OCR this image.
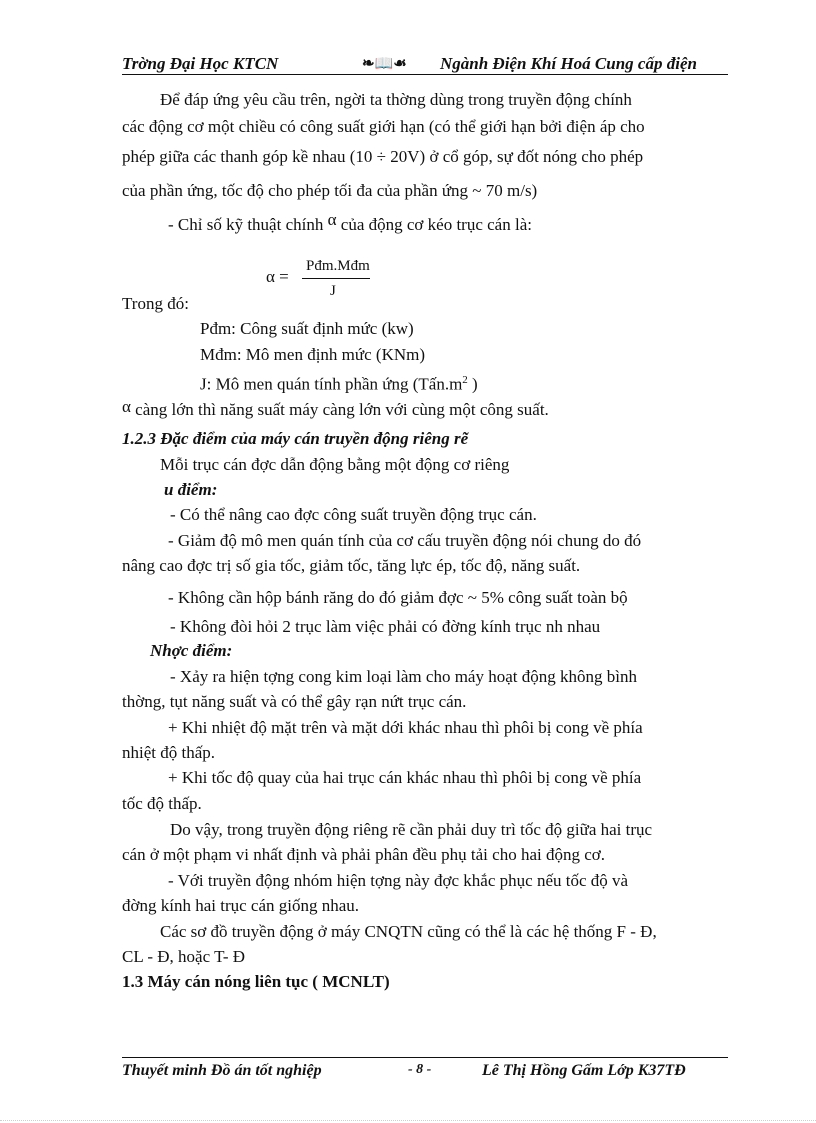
Trờng Đại Học KTCN	❧📖☙ Ngành Điện Khí Hoá Cung cấp điện
Để đáp ứng yêu cầu trên, ngời ta thờng dùng trong truyền động chính
các động cơ một chiều có công suất giới hạn (có thể giới hạn bởi điện áp cho
phép giữa các thanh góp kề nhau (10 ÷ 20V) ở cổ góp, sự đốt nóng cho phép
của phần ứng, tốc độ cho phép tối đa của phần ứng ~ 70 m/s)
- Chỉ số kỹ thuật chính α của động cơ kéo trục cán là:
α =
Pđm.Mđm
J
Trong đó:
Pđm: Công suất định mức (kw)
Mđm: Mô men định mức (KNm)
J: Mô men quán tính phần ứng ($Tấn.m^2$ )
α càng lớn thì năng suất máy càng lớn với cùng một công suất.
1.2.3 Đặc điểm của máy cán truyền động riêng rẽ
Mỗi trục cán đợc dẫn động bằng một động cơ riêng
u điểm:
- Có thể nâng cao đợc công suất truyền động trục cán.
- Giảm độ mô men quán tính của cơ cấu truyền động nói chung do đó
nâng cao đợc trị số gia tốc, giảm tốc, tăng lực ép, tốc độ, năng suất.
- Không cần hộp bánh răng do đó giảm đợc ~ 5% công suất toàn bộ
- Không đòi hỏi 2 trục làm việc phải có đờng kính trục nh nhau
Nhợc điểm:
- Xảy ra hiện tợng cong kim loại làm cho máy hoạt động không bình
thờng, tụt năng suất và có thể gây rạn nứt trục cán.
+ Khi nhiệt độ mặt trên và mặt dới khác nhau thì phôi bị cong về phía
nhiệt độ thấp.
+ Khi tốc độ quay của hai trục cán khác nhau thì phôi bị cong về phía
tốc độ thấp.
Do vậy, trong truyền động riêng rẽ cần phải duy trì tốc độ giữa hai trục
cán ở một phạm vi nhất định và phải phân đều phụ tải cho hai động cơ.
- Với truyền động nhóm hiện tợng này đợc khắc phục nếu tốc độ và
đờng kính hai trục cán giống nhau.
Các sơ đồ truyền động ở máy CNQTN cũng có thể là các hệ thống F - Đ,
CL - Đ, hoặc T- Đ
1.3 Máy cán nóng liên tục ( MCNLT)
Thuyết minh Đồ án tốt nghiệp	- 8 -	Lê Thị Hồng Gấm Lớp K37TĐ
